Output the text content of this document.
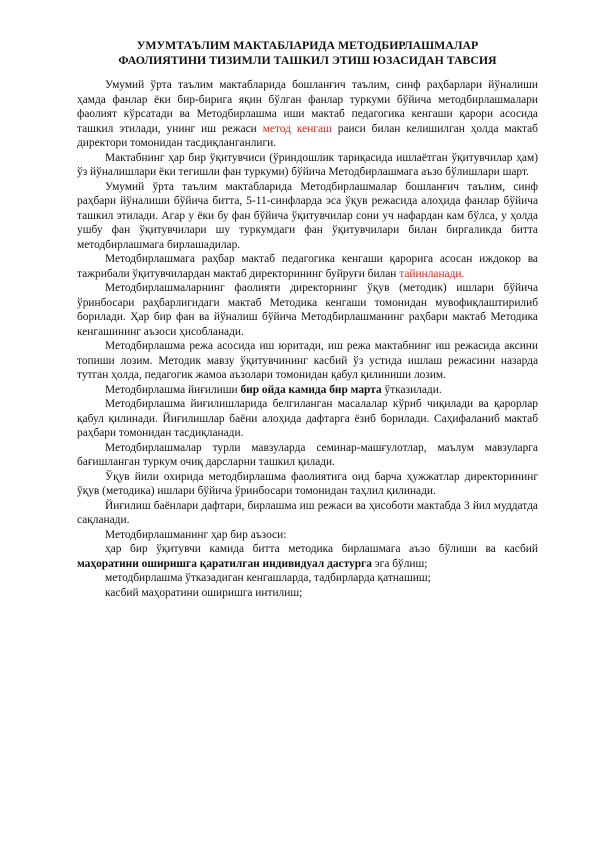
УМУМТАЪЛИМ МАКТАБЛАРИДА МЕТОДБИРЛАШМАЛАР
ФАОЛИЯТИНИ ТИЗИМЛИ ТАШКИЛ ЭТИШ ЮЗАСИДАН ТАВСИЯ

Умумий ўрта таълим мактабларида бошланғич таълим, синф раҳбарлари йўналиши ҳамда фанлар ёки бир-бирига яқин бўлган фанлар туркуми бўйича методбирлашмалари фаолият кўрсатади ва Методбирлашма иши мактаб педагогика кенгаши қарори асосида ташкил этилади, унинг иш режаси метод кенгаш раиси билан келишилган ҳолда мактаб директори томонидан тасдиқланганлиги.

Мактабнинг ҳар бир ўқитувчиси (ўриндошлик тариқасида ишлаётган ўқитувчилар ҳам) ўз йўналишлари ёки тегишли фан туркуми) бўйича Методбирлашмага аъзо бўлишлари шарт.

Умумий ўрта таълим мактабларида Методбирлашмалар бошланғич таълим, синф раҳбари йўналиши бўйича битта, 5-11-синфларда эса ўқув режасида алоҳида фанлар бўйича ташкил этилади. Агар у ёки бу фан бўйича ўқитувчилар сони уч нафардан кам бўлса, у ҳолда ушбу фан ўқитувчилари шу туркумдаги фан ўқитувчилари билан биргаликда битта методбирлашмага бирлашадилар.

Методбирлашмага раҳбар мактаб педагогика кенгаши қарорига асосан иждокор ва тажрибали ўқитувчилардан мактаб директорининг буйруғи билан тайинланади.

Методбирлашмаларнинг фаолияти директорнинг ўқув (методик) ишлари бўйича ўринбосари раҳбарлигидаги мактаб Методика кенгаши томонидан мувофиқлаштирилиб борилади. Ҳар бир фан ва йўналиш бўйича Методбирлашманинг раҳбари мактаб Методика кенгашининг аъзоси ҳисобланади.

Методбирлашма режа асосида иш юритади, иш режа мактабнинг иш режасида аксини топиши лозим. Методик мавзу ўқитувчининг касбий ўз устида ишлаш режасини назарда тутган ҳолда, педагогик жамоа аъзолари томонидан қабул қилиниши лозим.

Методбирлашма йиғилиши бир ойда камида бир марта ўтказилади.

Методбирлашма йиғилишларида белгиланган масалалар кўриб чиқилади ва қарорлар қабул қилинади. Йиғилишлар баёни алоҳида дафтарга ёзиб борилади. Саҳифаланиб мактаб раҳбари томонидан тасдиқланади.

Методбирлашмалар турли мавзуларда семинар-машғулотлар, маълум мавзуларга бағишланган туркум очиқ дарсларни ташкил қилади.

Ўқув йили охирида методбирлашма фаолиятига оид барча ҳужжатлар директорининг ўқув (методика) ишлари бўйича ўринбосари томонидан таҳлил қилинади.

Йиғилиш баёнлари дафтари, бирлашма иш режаси ва ҳисоботи мактабда 3 йил муддатда сақланади.

Методбирлашманинг ҳар бир аъзоси:

ҳар бир ўқитувчи камида битта методика бирлашмага аъзо бўлиши ва касбий маҳоратини оширишга қаратилган индивидуал дастурга эга бўлиш;

методбирлашма ўтказадиган кенгашларда, тадбирларда қатнашиш;

касбий маҳоратини оширишга интилиш;
